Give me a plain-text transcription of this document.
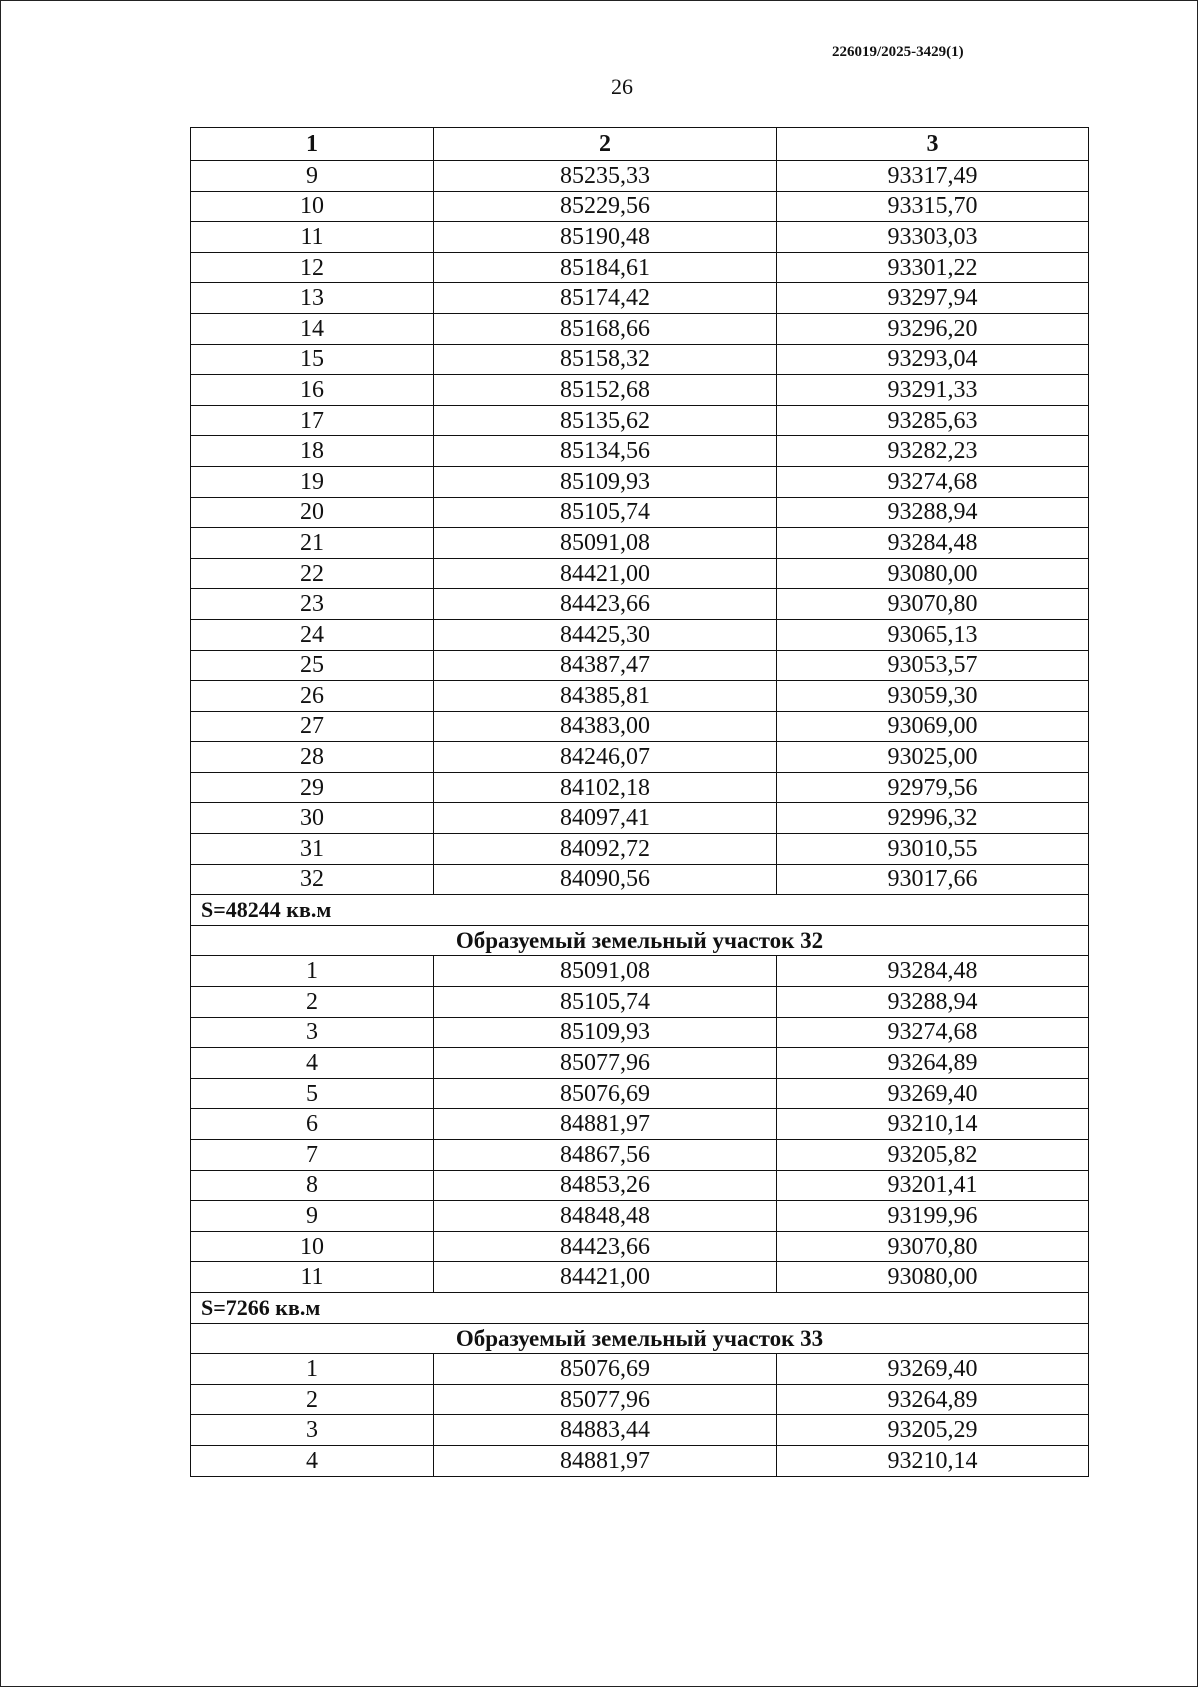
226019/2025-3429(1)
26
1	2	3
9	85235,33	93317,49
10	85229,56	93315,70
11	85190,48	93303,03
12	85184,61	93301,22
13	85174,42	93297,94
14	85168,66	93296,20
15	85158,32	93293,04
16	85152,68	93291,33
17	85135,62	93285,63
18	85134,56	93282,23
19	85109,93	93274,68
20	85105,74	93288,94
21	85091,08	93284,48
22	84421,00	93080,00
23	84423,66	93070,80
24	84425,30	93065,13
25	84387,47	93053,57
26	84385,81	93059,30
27	84383,00	93069,00
28	84246,07	93025,00
29	84102,18	92979,56
30	84097,41	92996,32
31	84092,72	93010,55
32	84090,56	93017,66
S=48244 кв.м		
Образуемый земельный участок 32		
1	85091,08	93284,48
2	85105,74	93288,94
3	85109,93	93274,68
4	85077,96	93264,89
5	85076,69	93269,40
6	84881,97	93210,14
7	84867,56	93205,82
8	84853,26	93201,41
9	84848,48	93199,96
10	84423,66	93070,80
11	84421,00	93080,00
S=7266 кв.м		
Образуемый земельный участок 33		
1	85076,69	93269,40
2	85077,96	93264,89
3	84883,44	93205,29
4	84881,97	93210,14
